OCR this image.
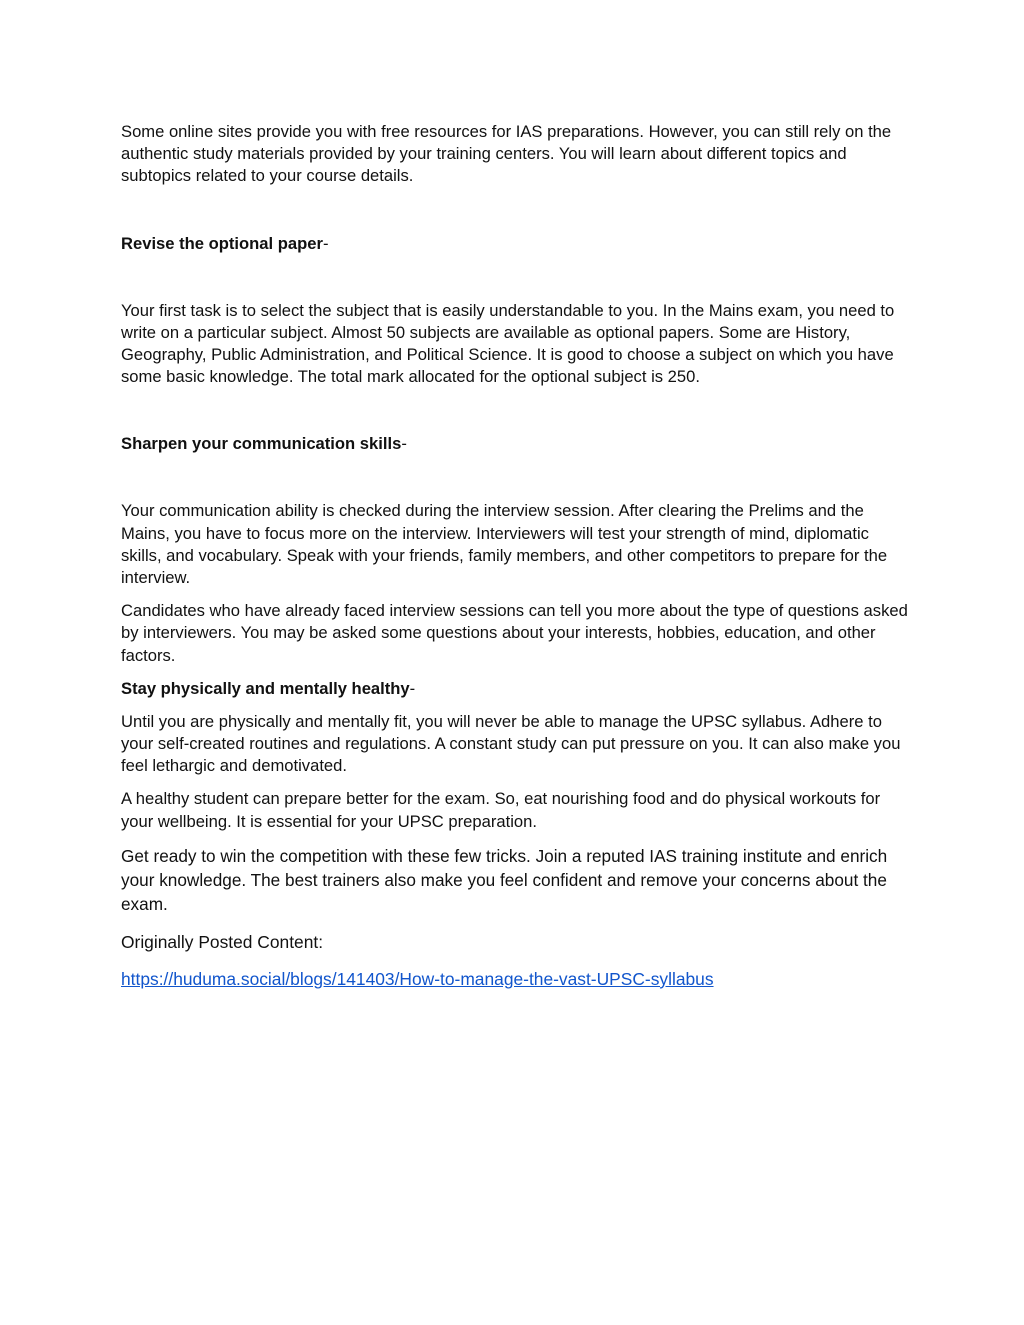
Some online sites provide you with free resources for IAS preparations. However, you can still rely on the authentic study materials provided by your training centers. You will learn about different topics and subtopics related to your course details.

Revise the optional paper-

Your first task is to select the subject that is easily understandable to you. In the Mains exam, you need to write on a particular subject. Almost 50 subjects are available as optional papers. Some are History, Geography, Public Administration, and Political Science. It is good to choose a subject on which you have some basic knowledge. The total mark allocated for the optional subject is 250.

Sharpen your communication skills-

Your communication ability is checked during the interview session. After clearing the Prelims and the Mains, you have to focus more on the interview. Interviewers will test your strength of mind, diplomatic skills, and vocabulary. Speak with your friends, family members, and other competitors to prepare for the interview.

Candidates who have already faced interview sessions can tell you more about the type of questions asked by interviewers. You may be asked some questions about your interests, hobbies, education, and other factors.

Stay physically and mentally healthy-

Until you are physically and mentally fit, you will never be able to manage the UPSC syllabus. Adhere to your self-created routines and regulations. A constant study can put pressure on you. It can also make you feel lethargic and demotivated.

A healthy student can prepare better for the exam. So, eat nourishing food and do physical workouts for your wellbeing. It is essential for your UPSC preparation.

Get ready to win the competition with these few tricks. Join a reputed IAS training institute and enrich your knowledge. The best trainers also make you feel confident and remove your concerns about the exam.

Originally Posted Content:

https://huduma.social/blogs/141403/How-to-manage-the-vast-UPSC-syllabus
